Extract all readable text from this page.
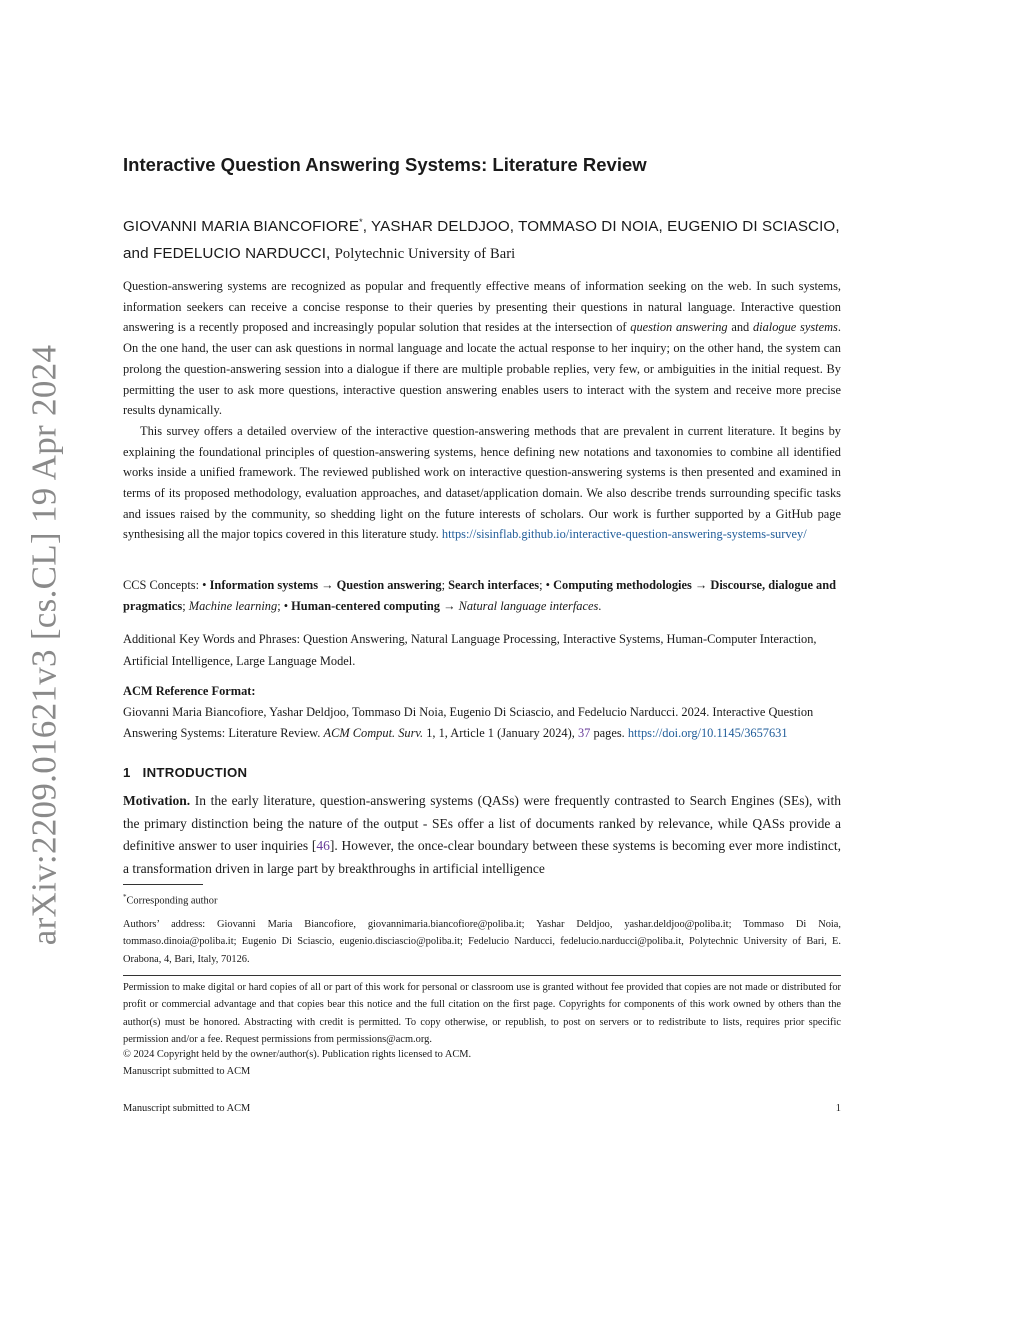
arXiv:2209.01621v3 [cs.CL] 19 Apr 2024
Interactive Question Answering Systems: Literature Review

GIOVANNI MARIA BIANCOFIORE*, YASHAR DELDJOO, TOMMASO DI NOIA, EUGENIO DI SCIASCIO, and FEDELUCIO NARDUCCI, Polytechnic University of Bari

Question-answering systems are recognized as popular and frequently effective means of information seeking on the web. In such systems, information seekers can receive a concise response to their queries by presenting their questions in natural language. Interactive question answering is a recently proposed and increasingly popular solution that resides at the intersection of question answering and dialogue systems. On the one hand, the user can ask questions in normal language and locate the actual response to her inquiry; on the other hand, the system can prolong the question-answering session into a dialogue if there are multiple probable replies, very few, or ambiguities in the initial request. By permitting the user to ask more questions, interactive question answering enables users to interact with the system and receive more precise results dynamically.

This survey offers a detailed overview of the interactive question-answering methods that are prevalent in current literature. It begins by explaining the foundational principles of question-answering systems, hence defining new notations and taxonomies to combine all identified works inside a unified framework. The reviewed published work on interactive question-answering systems is then presented and examined in terms of its proposed methodology, evaluation approaches, and dataset/application domain. We also describe trends surrounding specific tasks and issues raised by the community, so shedding light on the future interests of scholars. Our work is further supported by a GitHub page synthesising all the major topics covered in this literature study. https://sisinflab.github.io/interactive-question-answering-systems-survey/

CCS Concepts: • Information systems → Question answering; Search interfaces; • Computing methodologies → Discourse, dialogue and pragmatics; Machine learning; • Human-centered computing → Natural language interfaces.

Additional Key Words and Phrases: Question Answering, Natural Language Processing, Interactive Systems, Human-Computer Interaction, Artificial Intelligence, Large Language Model.

ACM Reference Format:

Giovanni Maria Biancofiore, Yashar Deldjoo, Tommaso Di Noia, Eugenio Di Sciascio, and Fedelucio Narducci. 2024. Interactive Question Answering Systems: Literature Review. ACM Comput. Surv. 1, 1, Article 1 (January 2024), 37 pages. https://doi.org/10.1145/3657631

1 INTRODUCTION

Motivation. In the early literature, question-answering systems (QASs) were frequently contrasted to Search Engines (SEs), with the primary distinction being the nature of the output - SEs offer a list of documents ranked by relevance, while QASs provide a definitive answer to user inquiries [46]. However, the once-clear boundary between these systems is becoming ever more indistinct, a transformation driven in large part by breakthroughs in artificial intelligence

*Corresponding author

Authors’ address: Giovanni Maria Biancofiore, giovannimaria.biancofiore@poliba.it; Yashar Deldjoo, yashar.deldjoo@poliba.it; Tommaso Di Noia, tommaso.dinoia@poliba.it; Eugenio Di Sciascio, eugenio.disciascio@poliba.it; Fedelucio Narducci, fedelucio.narducci@poliba.it, Polytechnic University of Bari, E. Orabona, 4, Bari, Italy, 70126.

Permission to make digital or hard copies of all or part of this work for personal or classroom use is granted without fee provided that copies are not made or distributed for profit or commercial advantage and that copies bear this notice and the full citation on the first page. Copyrights for components of this work owned by others than the author(s) must be honored. Abstracting with credit is permitted. To copy otherwise, or republish, to post on servers or to redistribute to lists, requires prior specific permission and/or a fee. Request permissions from permissions@acm.org.

© 2024 Copyright held by the owner/author(s). Publication rights licensed to ACM.
Manuscript submitted to ACM
Manuscript submitted to ACM	1
